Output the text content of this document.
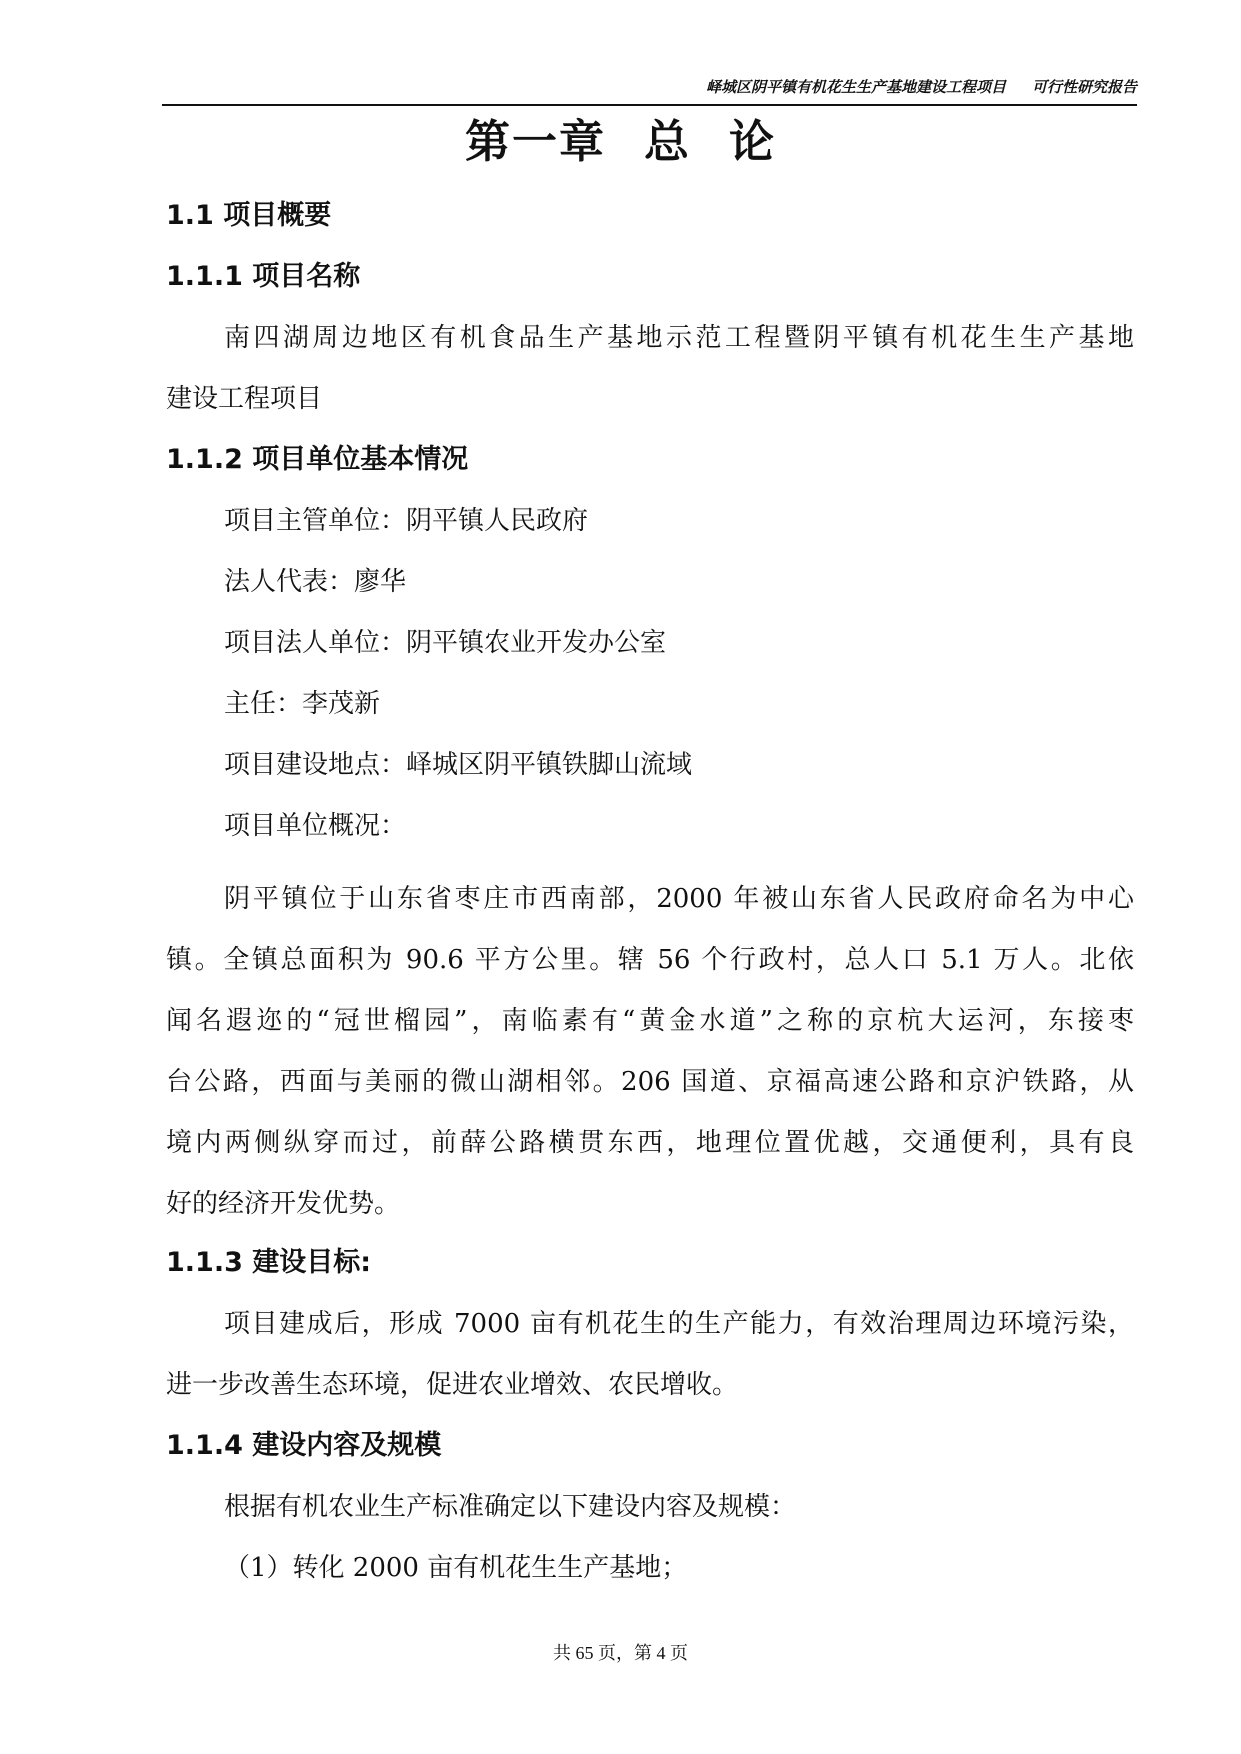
峄城区阴平镇有机花生生产基地建设工程项目 可行性研究报告
第一章 总 论
1.1 项目概要
1.1.1 项目名称
南四湖周边地区有机食品生产基地示范工程暨阴平镇有机花生生产基地
建设工程项目
1.1.2 项目单位基本情况
项目主管单位：阴平镇人民政府
法人代表：廖华
项目法人单位：阴平镇农业开发办公室
主任：李茂新
项目建设地点：峄城区阴平镇铁脚山流域
项目单位概况：
阴平镇位于山东省枣庄市西南部，2000 年被山东省人民政府命名为中心
镇。全镇总面积为 90.6 平方公里。辖 56 个行政村，总人口 5.1 万人。北依
闻名遐迩的“冠世榴园”，南临素有“黄金水道”之称的京杭大运河，东接枣
台公路，西面与美丽的微山湖相邻。206 国道、京福高速公路和京沪铁路，从
境内两侧纵穿而过，前薛公路横贯东西，地理位置优越，交通便利，具有良
好的经济开发优势。
1.1.3 建设目标:
项目建成后，形成 7000 亩有机花生的生产能力，有效治理周边环境污染，
进一步改善生态环境，促进农业增效、农民增收。
1.1.4 建设内容及规模
根据有机农业生产标准确定以下建设内容及规模：
（1）转化 2000 亩有机花生生产基地；
共 65 页，第 4 页
